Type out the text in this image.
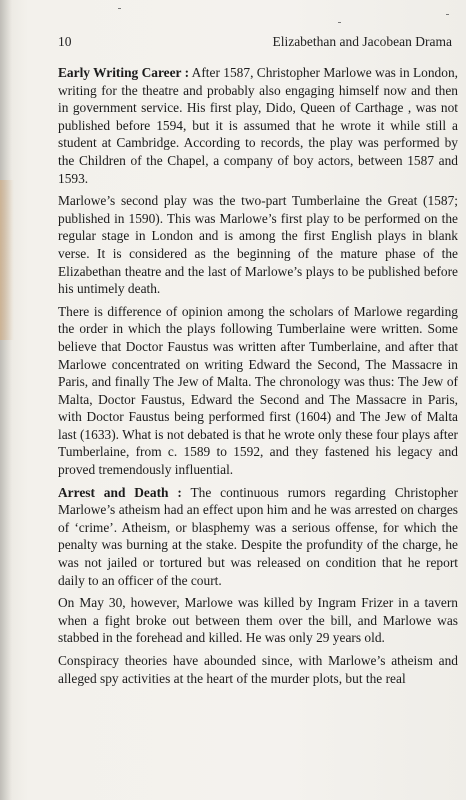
10	Elizabethan and Jacobean Drama

Early Writing Career : After 1587, Christopher Marlowe was in London, writing for the theatre and probably also engaging himself now and then in government service. His first play, Dido, Queen of Carthage , was not published before 1594, but it is assumed that he wrote it while still a student at Cambridge. According to records, the play was performed by the Children of the Chapel, a company of boy actors, between 1587 and 1593.

Marlowe’s second play was the two-part Tumberlaine the Great (1587; published in 1590). This was Marlowe’s first play to be performed on the regular stage in London and is among the first English plays in blank verse. It is considered as the beginning of the mature phase of the Elizabethan theatre and the last of Marlowe’s plays to be published before his untimely death.

There is difference of opinion among the scholars of Marlowe regarding the order in which the plays following Tumberlaine were written. Some believe that Doctor Faustus was written after Tumberlaine, and after that Marlowe concentrated on writing Edward the Second, The Massacre in Paris, and finally The Jew of Malta. The chronology was thus: The Jew of Malta, Doctor Faustus, Edward the Second and The Massacre in Paris, with Doctor Faustus being performed first (1604) and The Jew of Malta last (1633). What is not debated is that he wrote only these four plays after Tumberlaine, from c. 1589 to 1592, and they fastened his legacy and proved tremendously influential.

Arrest and Death : The continuous rumors regarding Christopher Marlowe’s atheism had an effect upon him and he was arrested on charges of ‘crime’. Atheism, or blasphemy was a serious offense, for which the penalty was burning at the stake. Despite the profundity of the charge, he was not jailed or tortured but was released on condition that he report daily to an officer of the court.

On May 30, however, Marlowe was killed by Ingram Frizer in a tavern when a fight broke out between them over the bill, and Marlowe was stabbed in the forehead and killed. He was only 29 years old.

Conspiracy theories have abounded since, with Marlowe’s atheism and alleged spy activities at the heart of the murder plots, but the real
